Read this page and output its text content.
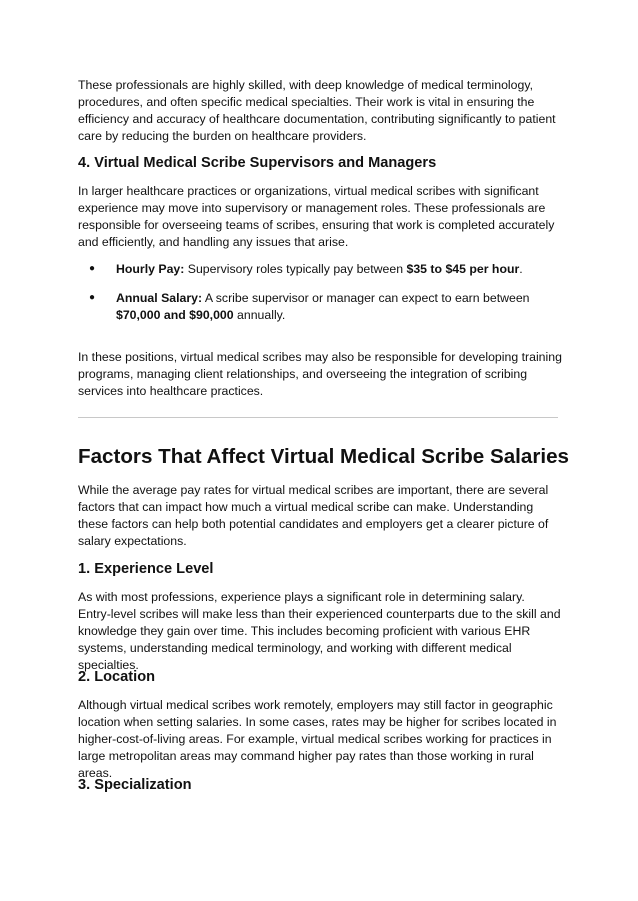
These professionals are highly skilled, with deep knowledge of medical terminology, procedures, and often specific medical specialties. Their work is vital in ensuring the efficiency and accuracy of healthcare documentation, contributing significantly to patient care by reducing the burden on healthcare providers.

4. Virtual Medical Scribe Supervisors and Managers

In larger healthcare practices or organizations, virtual medical scribes with significant experience may move into supervisory or management roles. These professionals are responsible for overseeing teams of scribes, ensuring that work is completed accurately and efficiently, and handling any issues that arise.

●	Hourly Pay: Supervisory roles typically pay between $35 to $45 per hour.
●	Annual Salary: A scribe supervisor or manager can expect to earn between $70,000 and $90,000 annually.

In these positions, virtual medical scribes may also be responsible for developing training programs, managing client relationships, and overseeing the integration of scribing services into healthcare practices.

Factors That Affect Virtual Medical Scribe Salaries

While the average pay rates for virtual medical scribes are important, there are several factors that can impact how much a virtual medical scribe can make. Understanding these factors can help both potential candidates and employers get a clearer picture of salary expectations.

1. Experience Level
As with most professions, experience plays a significant role in determining salary.
Entry-level scribes will make less than their experienced counterparts due to the skill and knowledge they gain over time. This includes becoming proficient with various EHR systems, understanding medical terminology, and working with different medical specialties.
2. Location

Although virtual medical scribes work remotely, employers may still factor in geographic location when setting salaries. In some cases, rates may be higher for scribes located in higher-cost-of-living areas. For example, virtual medical scribes working for practices in large metropolitan areas may command higher pay rates than those working in rural areas.

3. Specialization
